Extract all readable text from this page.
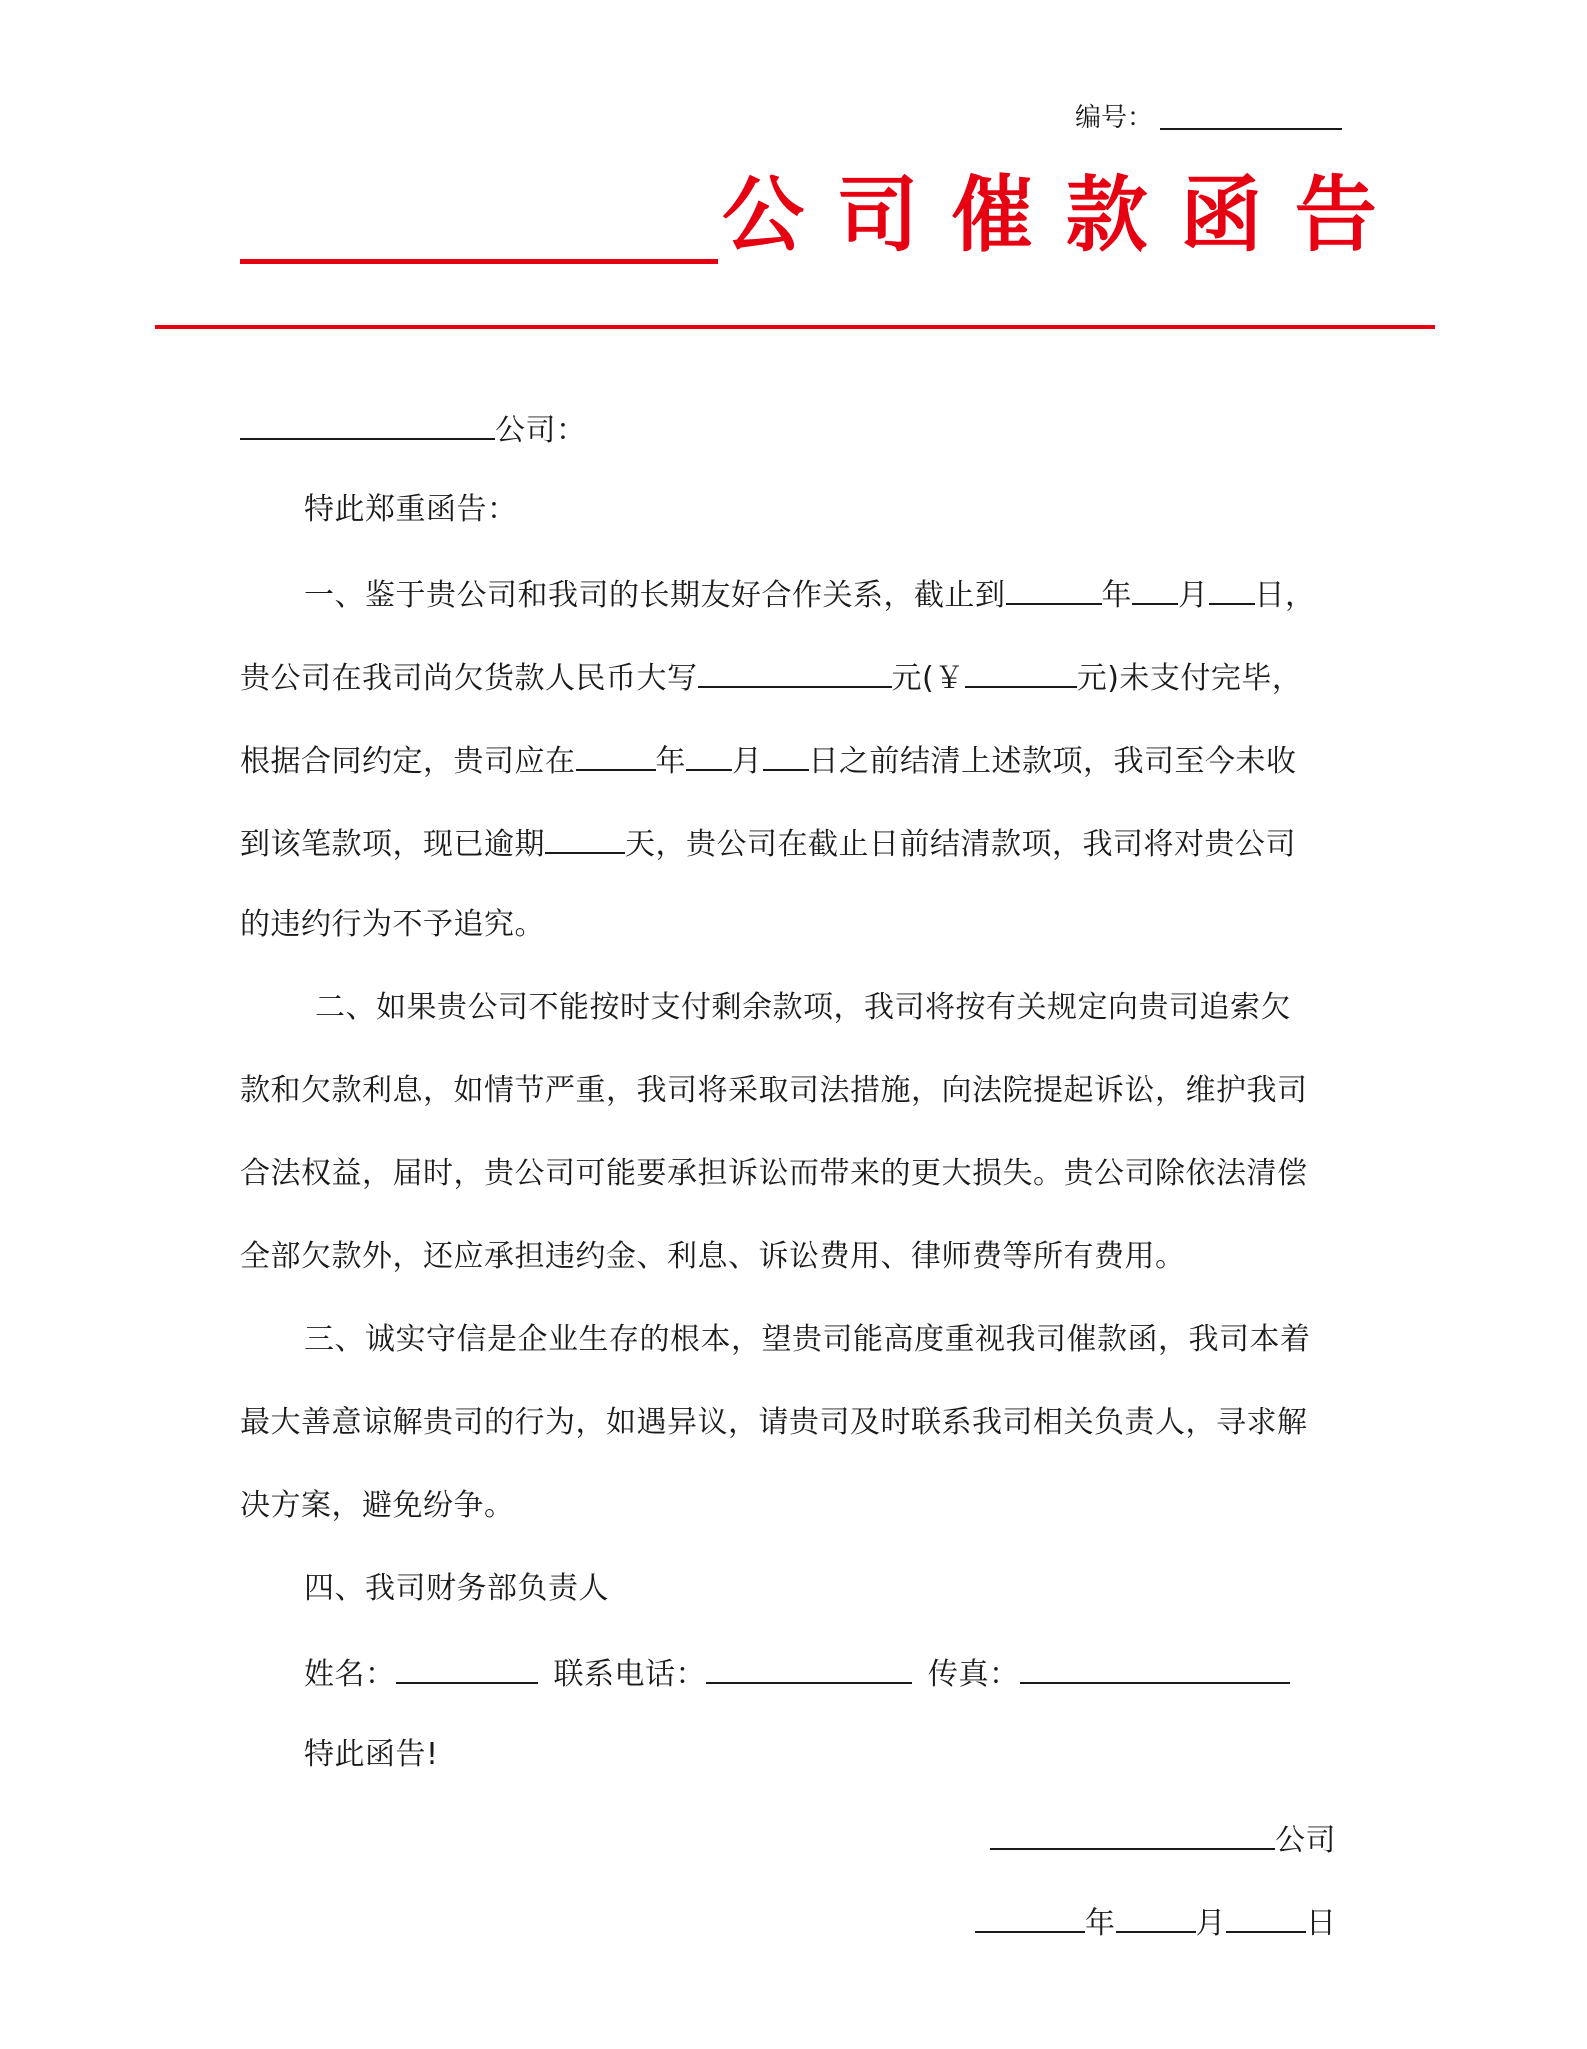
编号：
公 司 催 款 函 告
公司：
特此郑重函告：
一、鉴于贵公司和我司的长期友好合作关系，截止到	年 月 日，
贵公司在我司尚欠货款人民币大写	元(￥	元)未支付完毕，
根据合同约定，贵司应在	年 月 日之前结清上述款项，我司至今未收
到该笔款项，现已逾期	天，贵公司在截止日前结清款项，我司将对贵公司
的违约行为不予追究。
二、如果贵公司不能按时支付剩余款项，我司将按有关规定向贵司追索欠
款和欠款利息，如情节严重，我司将采取司法措施，向法院提起诉讼，维护我司
合法权益，届时，贵公司可能要承担诉讼而带来的更大损失。贵公司除依法清偿
全部欠款外，还应承担违约金、利息、诉讼费用、律师费等所有费用。
三、诚实守信是企业生存的根本，望贵司能高度重视我司催款函，我司本着
最大善意谅解贵司的行为，如遇异议，请贵司及时联系我司相关负责人，寻求解
决方案，避免纷争。
四、我司财务部负责人
姓名：	联系电话：	传真：
特此函告!
公司
年	月	日
